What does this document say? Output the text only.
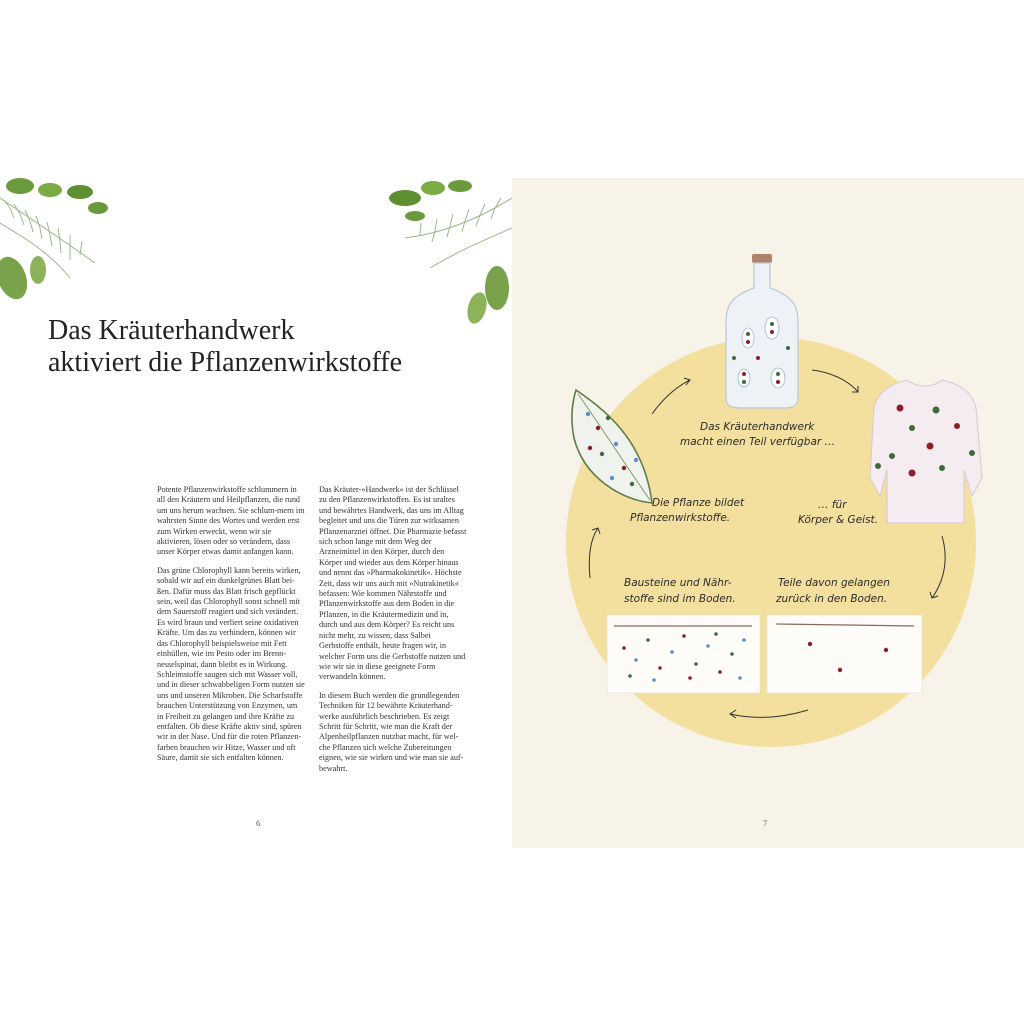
Das Kräuterhandwerk
aktiviert die Pflanzenwirkstoffe

Potente Pflanzenwirkstoffe schlummern in all den Kräutern und Heilpflanzen, die rund um uns herum wachsen. Sie schlum-mern im wahrsten Sinne des Wortes und werden erst zum Wirken erweckt, wenn wir sie aktivieren, lösen oder so verändern, dass unser Körper etwas damit anfangen kann.

Das grüne Chlorophyll kann bereits wirken, sobald wir auf ein dunkelgrünes Blatt bei-ßen. Dafür muss das Blatt frisch gepflückt sein, weil das Chlorophyll sonst schnell mit dem Sauerstoff reagiert und sich verändert. Es wird braun und verliert seine oxidativen Kräfte. Um das zu verhindern, können wir das Chlorophyll beispielsweise mit Fett einhüllen, wie im Pesto oder im Brenn-nesselspinat, dann bleibt es in Wirkung. Schleimstoffe saugen sich mit Wasser voll, und in dieser schwabbeligen Form nutzen sie uns und unseren Mikroben. Die Scharfstoffe brauchen Unterstützung von Enzymen, um in Freiheit zu gelangen und ihre Kräfte zu entfalten. Ob diese Kräfte aktiv sind, spüren wir in der Nase. Und für die roten Pflanzen-farben brauchen wir Hitze, Wasser und oft Säure, damit sie sich entfalten können.

Das Kräuter-»Handwerk« ist der Schlüssel zu den Pflanzenwirkstoffen. Es ist uraltes und bewährtes Handwerk, das uns im Alltag begleitet und uns die Türen zur wirksamen Pflanzenarznei öffnet. Die Pharmazie befasst sich schon lange mit dem Weg der Arzneimittel in den Körper, durch den Körper und wieder aus dem Körper hinaus und nennt das »Pharmakokinetik«. Höchste Zeit, dass wir uns auch mit »Nutrakinetik« befassen: Wie kommen Nährstoffe und Pflanzenwirkstoffe aus dem Boden in die Pflanzen, in die Kräutermedizin und in, durch und aus dem Körper? Es reicht uns nicht mehr, zu wissen, dass Salbei Gerbstoffe enthält, heute fragen wir, in welcher Form uns die Gerbstoffe nutzen und wie wir sie in diese geeignete Form verwandeln können.

In diesem Buch werden die grundlegenden Techniken für 12 bewährte Kräuterhand-werke ausführlich beschrieben. Es zeigt Schritt für Schritt, wie man die Kraft der Alpenheilpflanzen nutzbar macht, für wel-che Pflanzen sich welche Zubereitungen eignen, wie sie wirken und wie man sie auf-bewahrt.

6
Das Kräuterhandwerk
macht einen Teil verfügbar …
… für
Körper & Geist.
Die Pflanze bildet
Pflanzenwirkstoffe.
Teile davon gelangen
zurück in den Boden.
Bausteine und Nähr-
stoffe sind im Boden.
7
